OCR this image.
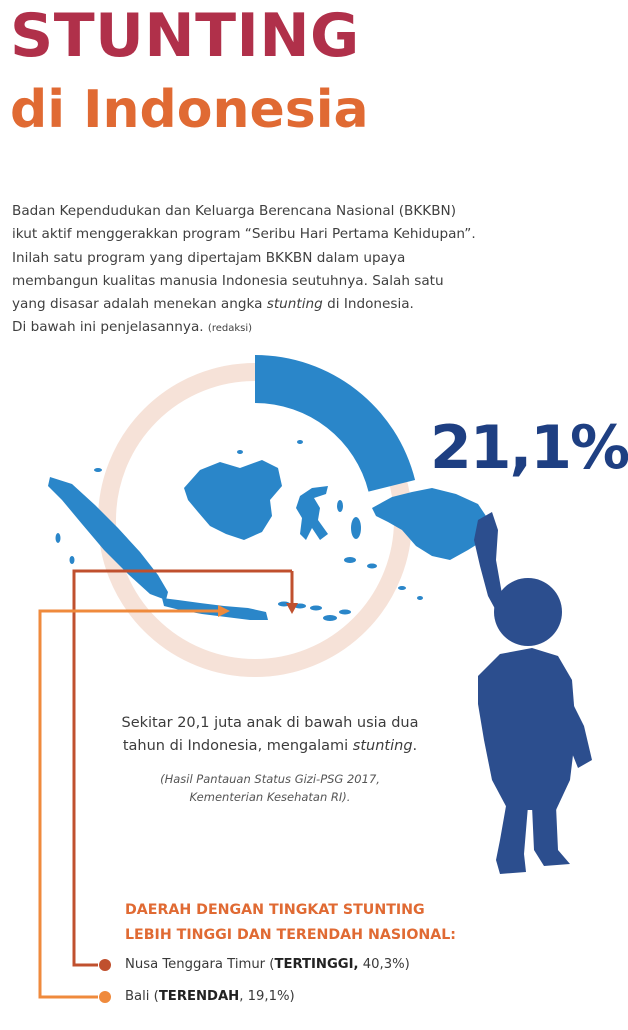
STUNTING
di Indonesia

Badan Kependudukan dan Keluarga Berencana Nasional (BKKBN)
ikut aktif menggerakkan program “Seribu Hari Pertama Kehidupan”.
Inilah satu program yang dipertajam BKKBN dalam upaya
membangun kualitas manusia Indonesia seutuhnya. Salah satu
yang disasar adalah menekan angka stunting di Indonesia.
Di bawah ini penjelasannya. (redaksi)

21,1%

Sekitar 20,1 juta anak di bawah usia dua
tahun di Indonesia, mengalami stunting.

(Hasil Pantauan Status Gizi-PSG 2017,
Kementerian Kesehatan RI).

DAERAH DENGAN TINGKAT STUNTING
LEBIH TINGGI DAN TERENDAH NASIONAL:

Nusa Tenggara Timur (TERTINGGI, 40,3%)
Bali (TERENDAH, 19,1%)
